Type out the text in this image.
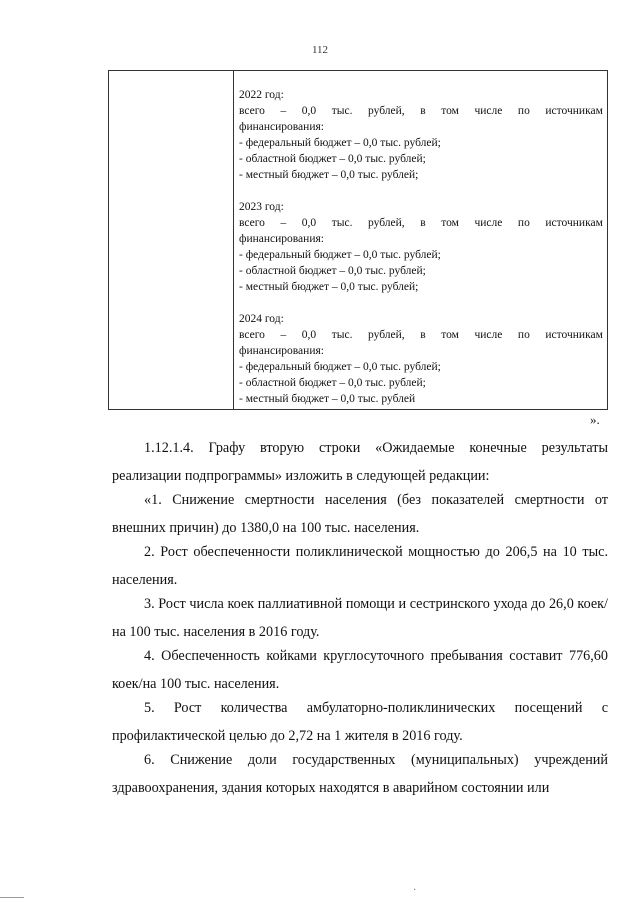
112
2022 год:
всего – 0,0 тыс. рублей, в том числе по источникам
финансирования:
- федеральный бюджет – 0,0 тыс. рублей;
- областной бюджет – 0,0 тыс. рублей;
- местный бюджет – 0,0 тыс. рублей;
2023 год:
всего – 0,0 тыс. рублей, в том числе по источникам
финансирования:
- федеральный бюджет – 0,0 тыс. рублей;
- областной бюджет – 0,0 тыс. рублей;
- местный бюджет – 0,0 тыс. рублей;
2024 год:
всего – 0,0 тыс. рублей, в том числе по источникам
финансирования:
- федеральный бюджет – 0,0 тыс. рублей;
- областной бюджет – 0,0 тыс. рублей;
- местный бюджет – 0,0 тыс. рублей
».

1.12.1.4. Графу вторую строки «Ожидаемые конечные результаты реализации подпрограммы» изложить в следующей редакции:

«1. Снижение смертности населения (без показателей смертности от внешних причин) до 1380,0 на 100 тыс. населения.

2. Рост обеспеченности поликлинической мощностью до 206,5 на 10 тыс. населения.

3. Рост числа коек паллиативной помощи и сестринского ухода до 26,0 коек/на 100 тыс. населения в 2016 году.

4. Обеспеченность койками круглосуточного пребывания составит 776,60 коек/на 100 тыс. населения.

5. Рост количества амбулаторно-поликлинических посещений с профилактической целью до 2,72 на 1 жителя в 2016 году.

6. Снижение доли государственных (муниципальных) учреждений здравоохранения, здания которых находятся в аварийном состоянии или

·
